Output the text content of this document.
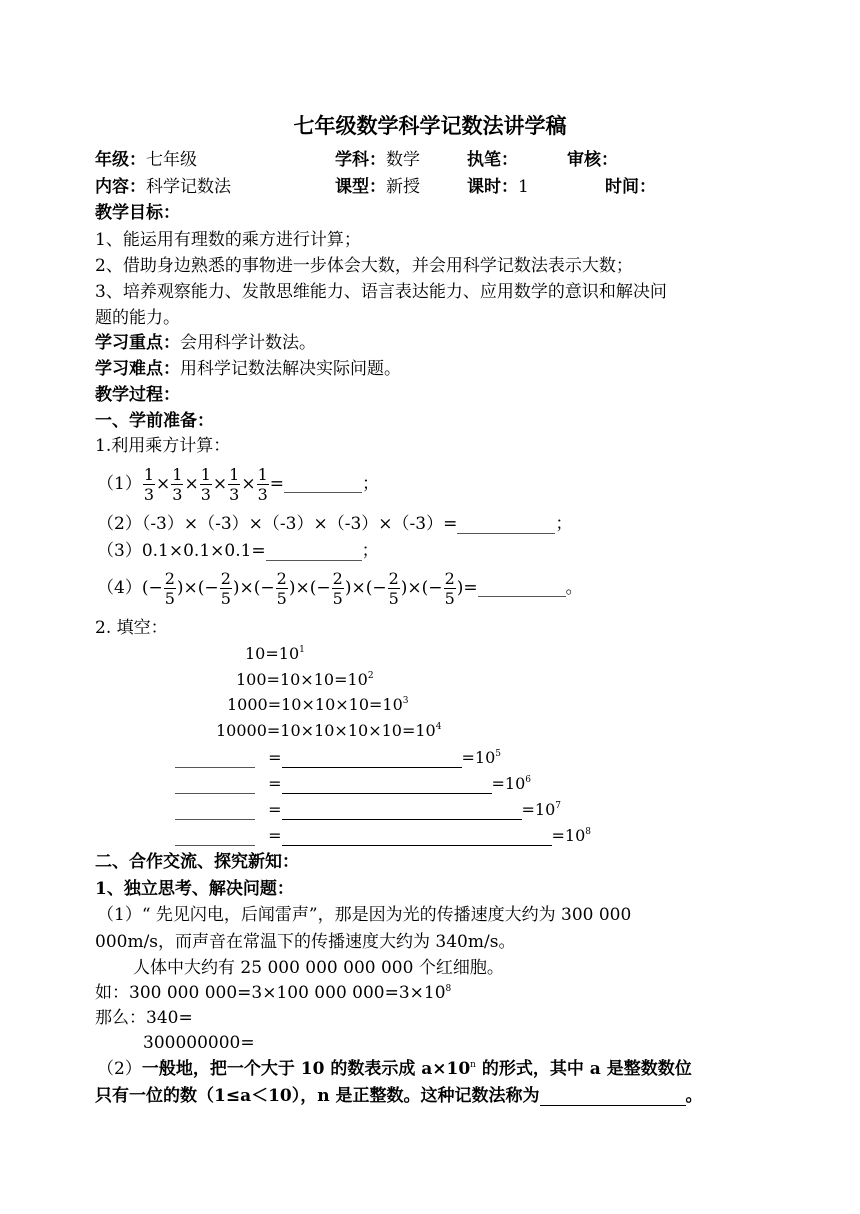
七年级数学科学记数法讲学稿
年级：七年级	学科：数学	执笔：	审核：
内容：科学记数法	课型：新授	课时：1	时间：
教学目标：
1、能运用有理数的乘方进行计算；
2、借助身边熟悉的事物进一步体会大数，并会用科学记数法表示大数；
3、培养观察能力、发散思维能力、语言表达能力、应用数学的意识和解决问
题的能力。
学习重点：会用科学计数法。
学习难点：用科学记数法解决实际问题。
教学过程：
一、学前准备：
1.利用乘方计算：
$(1) \frac{1}{3} \times \frac{1}{3} \times \frac{1}{3} \times \frac{1}{3} \times \frac{1}{3}$ =	；
（2）（-3）×（-3）×（-3）×（-3）×（-3）=	；
（3）0.1×0.1×0.1=	；
（4） (− $\frac{2}{5}$ ) × (− $\frac{2}{5}$ ) × (− $\frac{2}{5}$ ) × (− $\frac{2}{5}$ ) × (− $\frac{2}{5}$ ) × (− $\frac{2}{5}$ ) =	。
2. 填空：
$10=10^1$
$100=10\times 10=10^2$
$1000=10\times 10\times 10=10^3$
$10000=10\times 10\times 10\times 10=10^4$
=	$=10^5$
=	$=10^6$
=	$=10^7$
=	$=10^8$
二、合作交流、探究新知：
1、独立思考、解决问题：
（1）“ 先见闪电，后闻雷声”，那是因为光的传播速度大约为 300 000
000m/s，而声音在常温下的传播速度大约为 340m/s。
人体中大约有 25 000 000 000 000 个红细胞。
如：300 000 000=3×100 000 $000=3\times 10^8$
那么：340=
300000000=
（2）一般地，把一个大于 10 的数表示成 $a\times 10^n$ 的形式，其中 a 是整数数位
只有一位的数（1≤a＜10），n 是正整数。这种记数法称为	。
